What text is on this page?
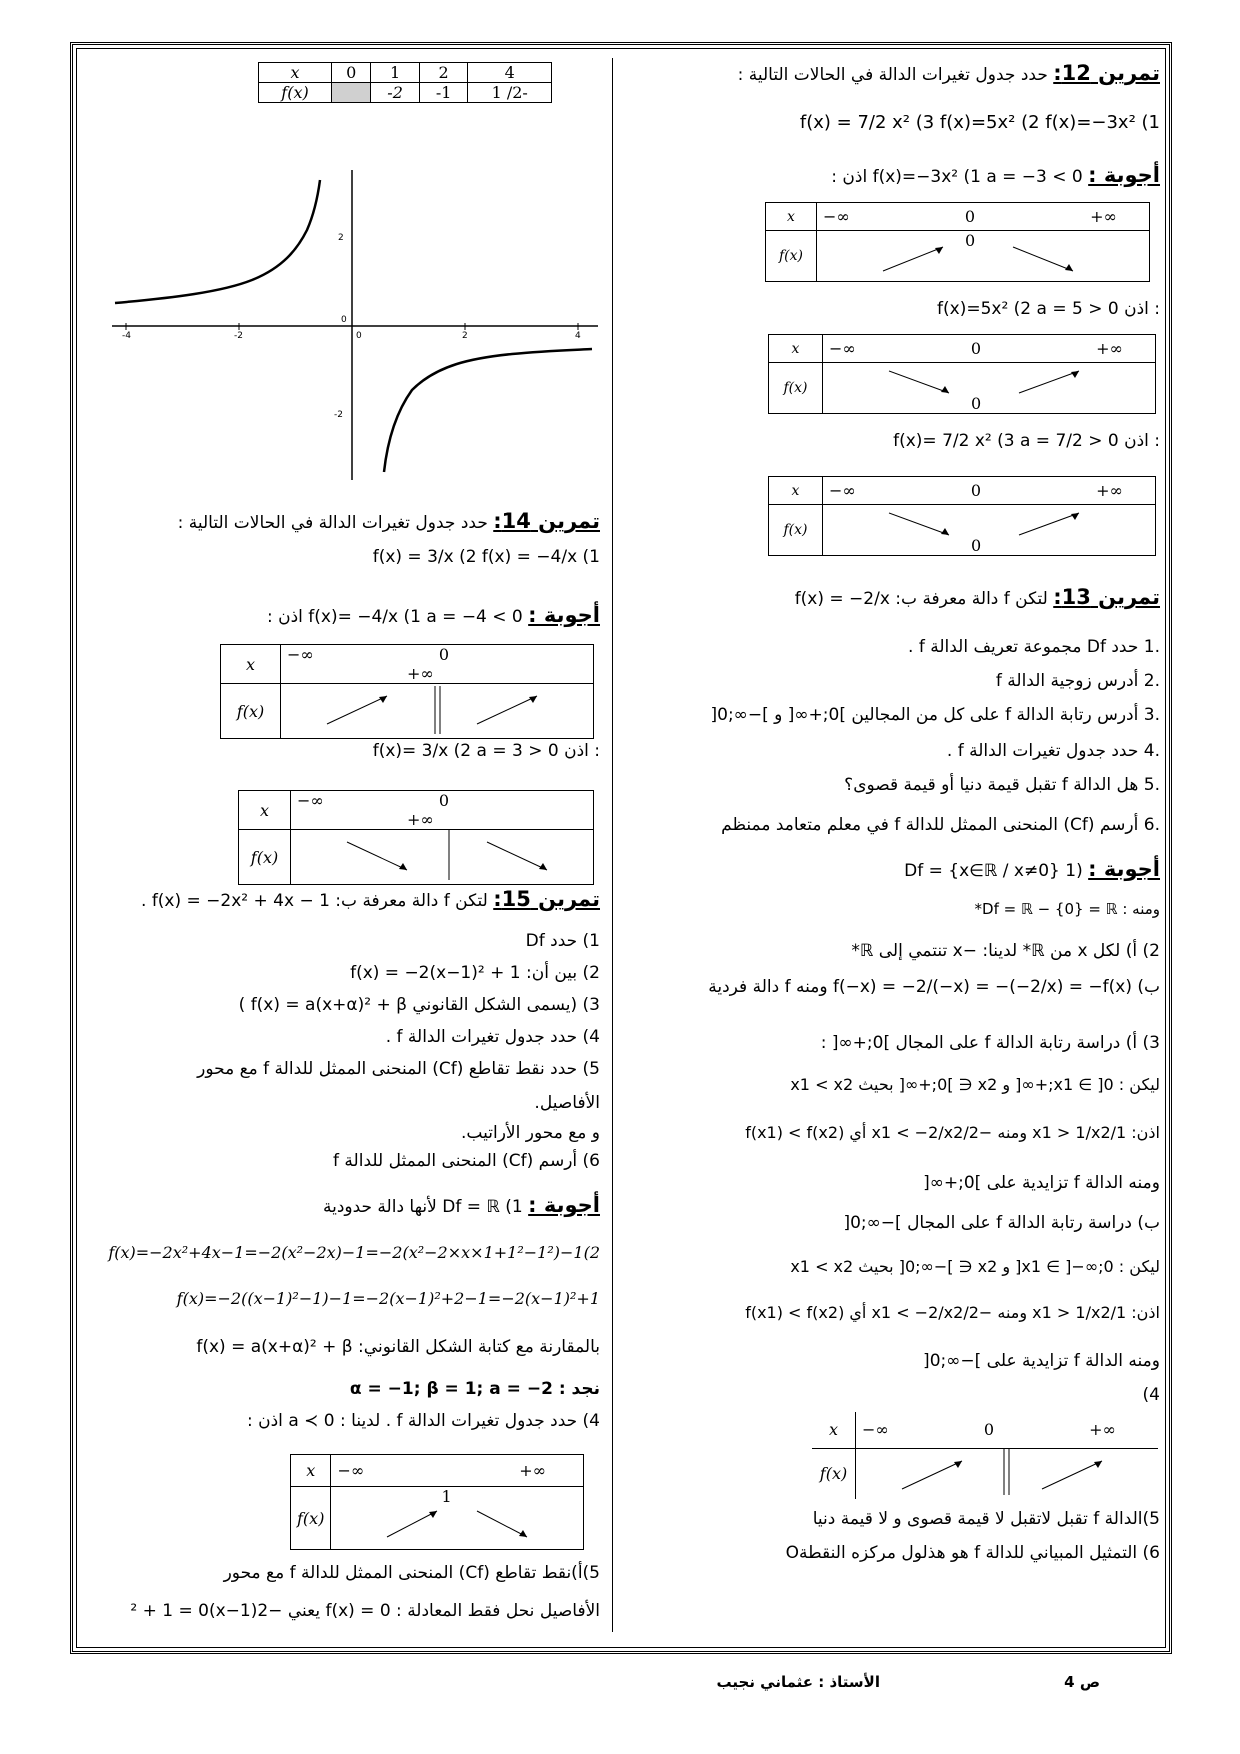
x	0	1	2	4
f(x)		-2	-1	1 /2-
-4	-2	0	2	4
2
-2
0
تمرين 14: حدد جدول تغيرات الدالة في الحالات التالية :
f(x) = 3/x (2 f(x) = −4/x (1
أجوبة : f(x)= −4/x (1 a = −4 < 0 اذن :
x	−∞ 0 +∞
f(x)	
f(x)= 3/x (2 a = 3 > 0 اذن :
x	−∞ 0 +∞
f(x)	
تمرين 15: لتكن f دالة معرفة ب: f(x) = −2x² + 4x − 1 .
1) حدد Df
2) بين أن: f(x) = −2(x−1)² + 1
3) (يسمى الشكل القانوني f(x) = a(x+α)² + β )
4) حدد جدول تغيرات الدالة f .
5) حدد نقط تقاطع (Cf) المنحنى الممثل للدالة f مع محور
الأفاصيل.
و مع محور الأراتيب.
6) أرسم (Cf) المنحنى الممثل للدالة f
أجوبة : 1) Df = ℝ لأنها دالة حدودية
f(x)=−2x²+4x−1=−2(x²−2x)−1=−2(x²−2×x×1+1²−1²)−1(2
f(x)=−2((x−1)²−1)−1=−2(x−1)²+2−1=−2(x−1)²+1
بالمقارنة مع كتابة الشكل القانوني: f(x) = a(x+α)² + β
نجد : α = −1; β = 1; a = −2
4) حدد جدول تغيرات الدالة f . لدينا : a ≺ 0 اذن :
x	−∞ +∞
f(x)	1
5)أ)نقط تقاطع (Cf) المنحنى الممثل للدالة f مع محور
الأفاصيل نحل فقط المعادلة : f(x) = 0 يعني −2(x−1)² + 1 = 0
تمرين 12: حدد جدول تغيرات الدالة في الحالات التالية :
f(x) = 7/2 x² (3 f(x)=5x² (2 f(x)=−3x² (1
أجوبة : f(x)=−3x² (1 a = −3 < 0 اذن :
x	−∞ 0 +∞
f(x)	0
f(x)=5x² (2 a = 5 > 0 اذن :
x	−∞ 0 +∞
f(x)	0
f(x)= 7/2 x² (3 a = 7/2 > 0 اذن :
x	−∞ 0 +∞
f(x)	0
تمرين 13: لتكن f دالة معرفة ب: f(x) = −2/x
.1 حدد Df مجموعة تعريف الدالة f .
.2 أدرس زوجية الدالة f
.3 أدرس رتابة الدالة f على كل من المجالين ]0;+∞[ و ]−∞;0[
.4 حدد جدول تغيرات الدالة f .
.5 هل الدالة f تقبل قيمة دنيا أو قيمة قصوى؟
.6 أرسم (Cf) المنحنى الممثل للدالة f في معلم متعامد ممنظم
أجوبة : (1 Df = {x∈ℝ / x≠0}
ومنه : Df = ℝ − {0} = ℝ*
2) أ) لكل x من ℝ* لدينا: −x تنتمي إلى ℝ*
ب) f(−x) = −2/(−x) = −(−2/x) = −f(x) ومنه f دالة فردية
3) أ) دراسة رتابة الدالة f على المجال ]0;+∞[ :
ليكن : x1 ∈ ]0;+∞[ و x2 ∈ ]0;+∞[ بحيث x1 < x2
اذن: 1/x1 > 1/x2 ومنه −2/x1 < −2/x2 أي f(x1) < f(x2)
ومنه الدالة f تزايدية على ]0;+∞[
ب) دراسة رتابة الدالة f على المجال ]−∞;0[
ليكن : x1 ∈ ]−∞;0[ و x2 ∈ ]−∞;0[ بحيث x1 < x2
اذن: 1/x1 > 1/x2 ومنه −2/x1 < −2/x2 أي f(x1) < f(x2)
ومنه الدالة f تزايدية على ]−∞;0[
(4
x	−∞ 0 +∞
f(x)	
5)الدالة f تقبل لاتقبل لا قيمة قصوى و لا قيمة دنيا
6) التمثيل المبياني للدالة f هو هذلول مركزه النقطةO
ص 4
الأستاذ : عثماني نجيب
